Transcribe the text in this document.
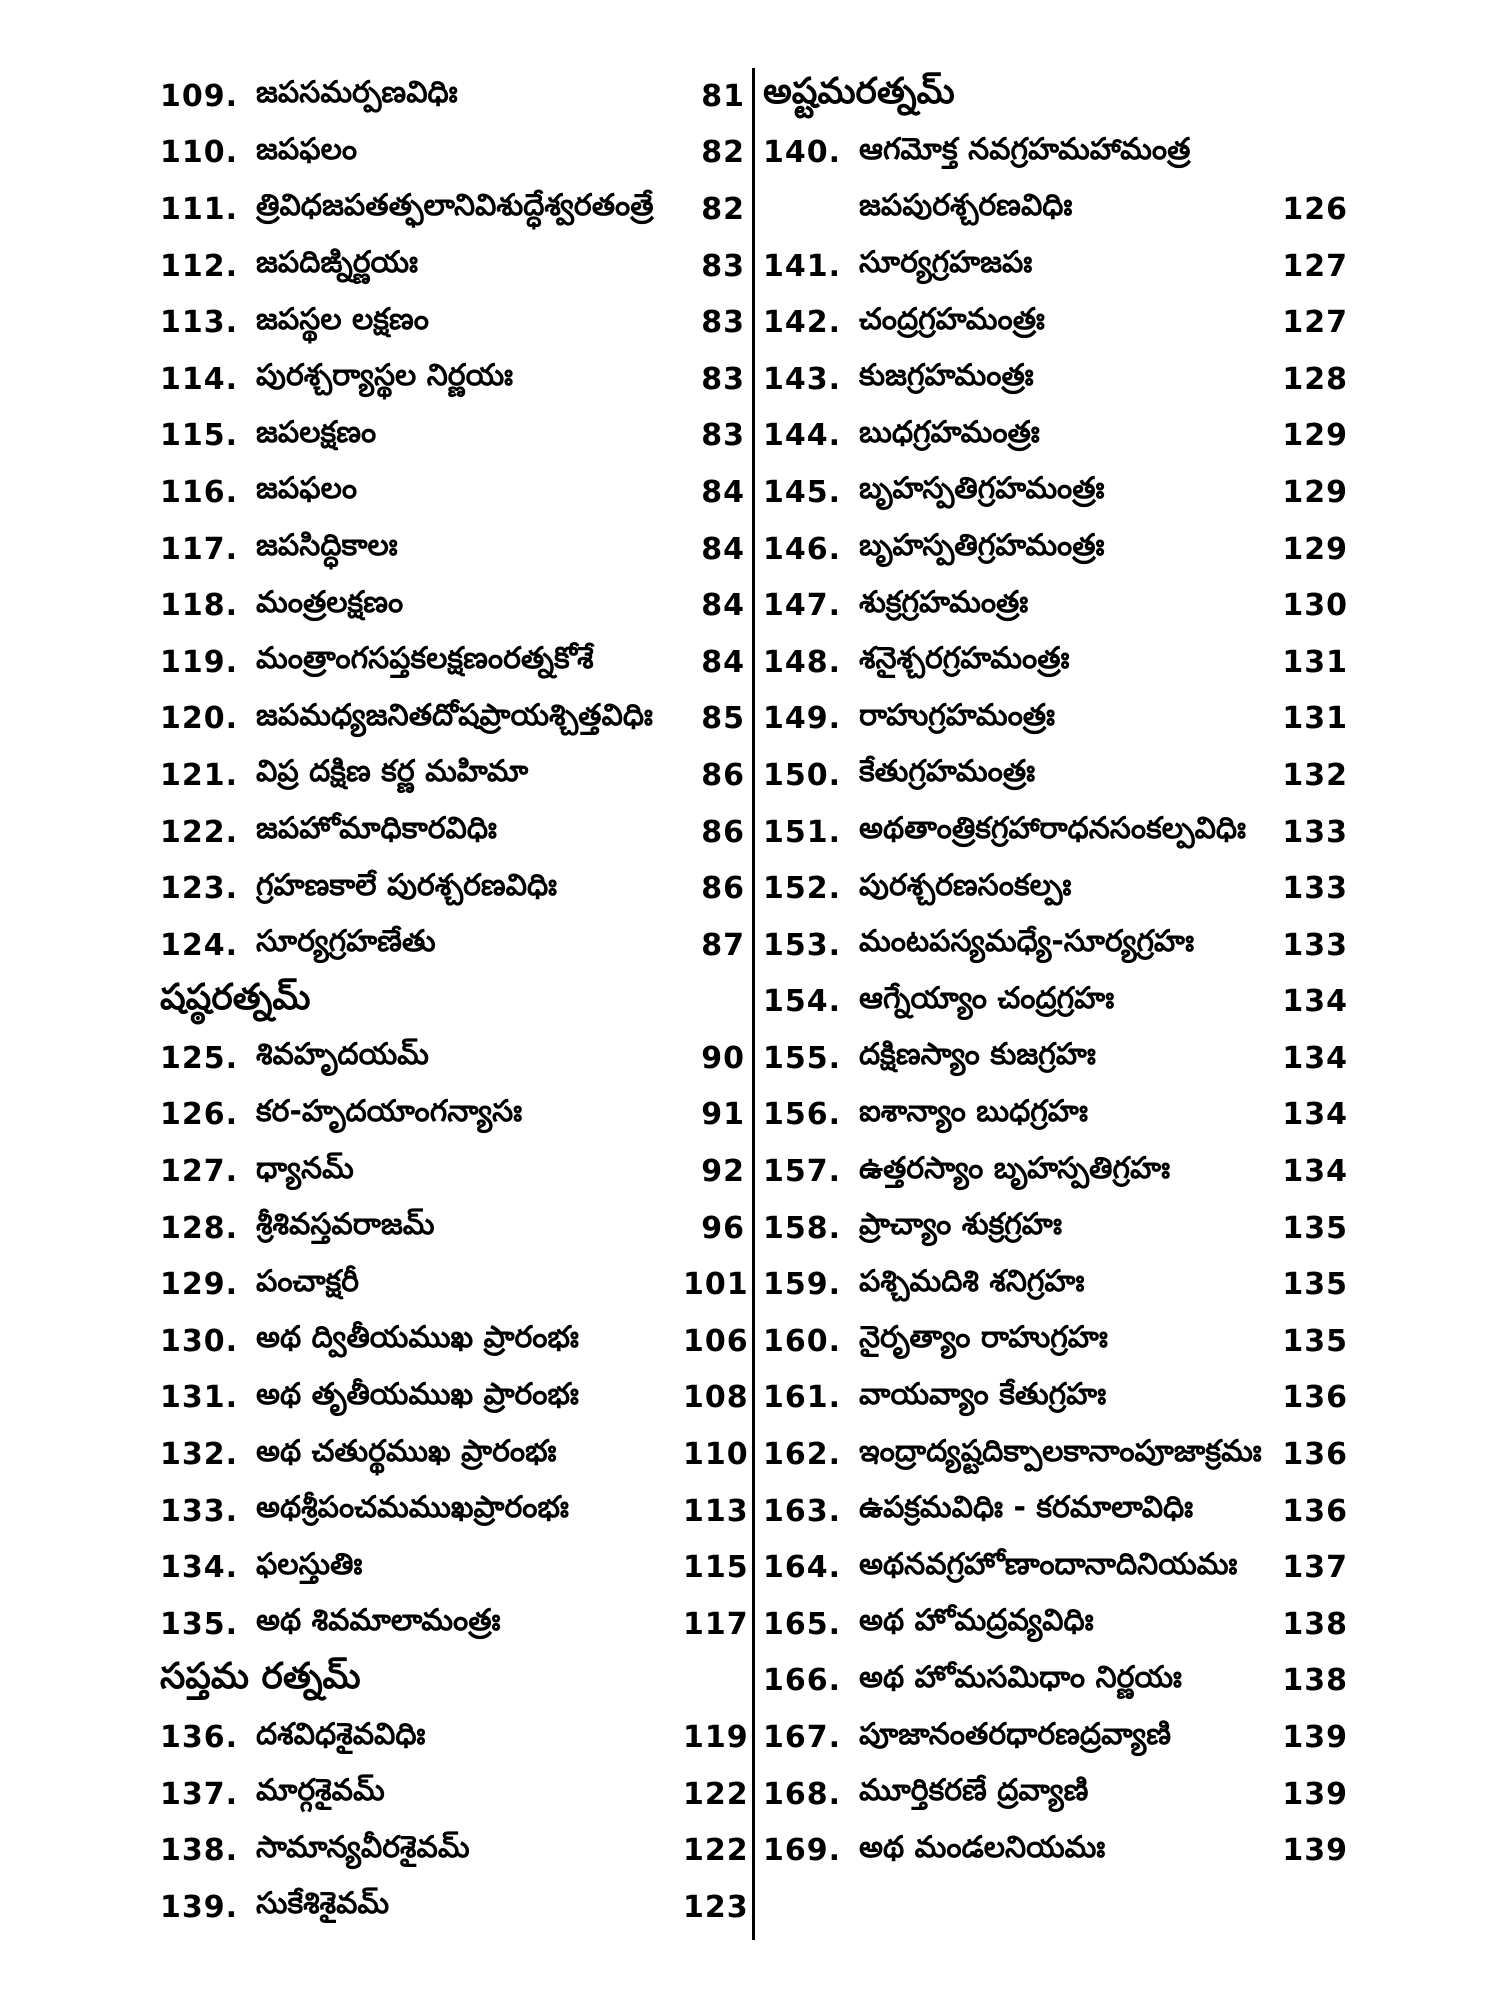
109. జపసమర్పణవిధిః	81
110. జపఫలం	82
111. త్రివిధజపతత్ఫలానివిశుద్ధేశ్వరతంత్రే	82
112. జపదిఙ్నిర్ణయః	83
113. జపస్థల లక్షణం	83
114. పురశ్చర్యాస్థల నిర్ణయః	83
115. జపలక్షణం	83
116. జపఫలం	84
117. జపసిద్ధికాలః	84
118. మంత్రలక్షణం	84
119. మంత్రాంగసప్తకలక్షణంరత్నకోశే	84
120. జపమధ్యజనితదోషప్రాయశ్చిత్తవిధిః	85
121. విప్ర దక్షిణ కర్ణ మహిమా	86
122. జపహోమాధికారవిధిః	86
123. గ్రహణకాలే పురశ్చరణవిధిః	86
124. సూర్యగ్రహణేతు	87
షష్ఠరత్నమ్
125. శివహృదయమ్	90
126. కర-హృదయాంగన్యాసః	91
127. ధ్యానమ్	92
128. శ్రీశివస్తవరాజమ్	96
129. పంచాక్షరీ	101
130. అథ ద్వితీయముఖ ప్రారంభః	106
131. అథ తృతీయముఖ ప్రారంభః	108
132. అథ చతుర్థముఖ ప్రారంభః	110
133. అథశ్రీపంచమముఖప్రారంభః	113
134. ఫలస్తుతిః	115
135. అథ శివమాలామంత్రః	117
సప్తమ రత్నమ్
136. దశవిధశైవవిధిః	119
137. మార్గశైవమ్	122
138. సామాన్యవీరశైవమ్	122
139. సుకేశిశైవమ్	123
అష్టమరత్నమ్
140. ఆగమోక్త నవగ్రహమహామంత్ర
జపపురశ్చరణవిధిః	126
141. సూర్యగ్రహజపః	127
142. చంద్రగ్రహమంత్రః	127
143. కుజగ్రహమంత్రః	128
144. బుధగ్రహమంత్రః	129
145. బృహస్పతిగ్రహమంత్రః	129
146. బృహస్పతిగ్రహమంత్రః	129
147. శుక్రగ్రహమంత్రః	130
148. శనైశ్చరగ్రహమంత్రః	131
149. రాహుగ్రహమంత్రః	131
150. కేతుగ్రహమంత్రః	132
151. అథతాంత్రికగ్రహారాధనసంకల్పవిధిః	133
152. పురశ్చరణసంకల్పః	133
153. మంటపస్యమధ్యే-సూర్యగ్రహః	133
154. ఆగ్నేయ్యాం చంద్రగ్రహః	134
155. దక్షిణస్యాం కుజగ్రహః	134
156. ఐశాన్యాం బుధగ్రహః	134
157. ఉత్తరస్యాం బృహస్పతిగ్రహః	134
158. ప్రాచ్యాం శుక్రగ్రహః	135
159. పశ్చిమదిశి శనిగ్రహః	135
160. నైరృత్యాం రాహుగ్రహః	135
161. వాయవ్యాం కేతుగ్రహః	136
162. ఇంద్రాద్యష్టదిక్పాలకానాంపూజాక్రమః 136
163. ఉపక్రమవిధిః - కరమాలావిధిః	136
164. అథనవగ్రహోణాందానాదినియమః	137
165. అథ హోమద్రవ్యవిధిః	138
166. అథ హోమసమిధాం నిర్ణయః	138
167. పూజానంతరధారణద్రవ్యాణి	139
168. మూర్తికరణే ద్రవ్యాణి	139
169. అథ మండలనియమః	139
